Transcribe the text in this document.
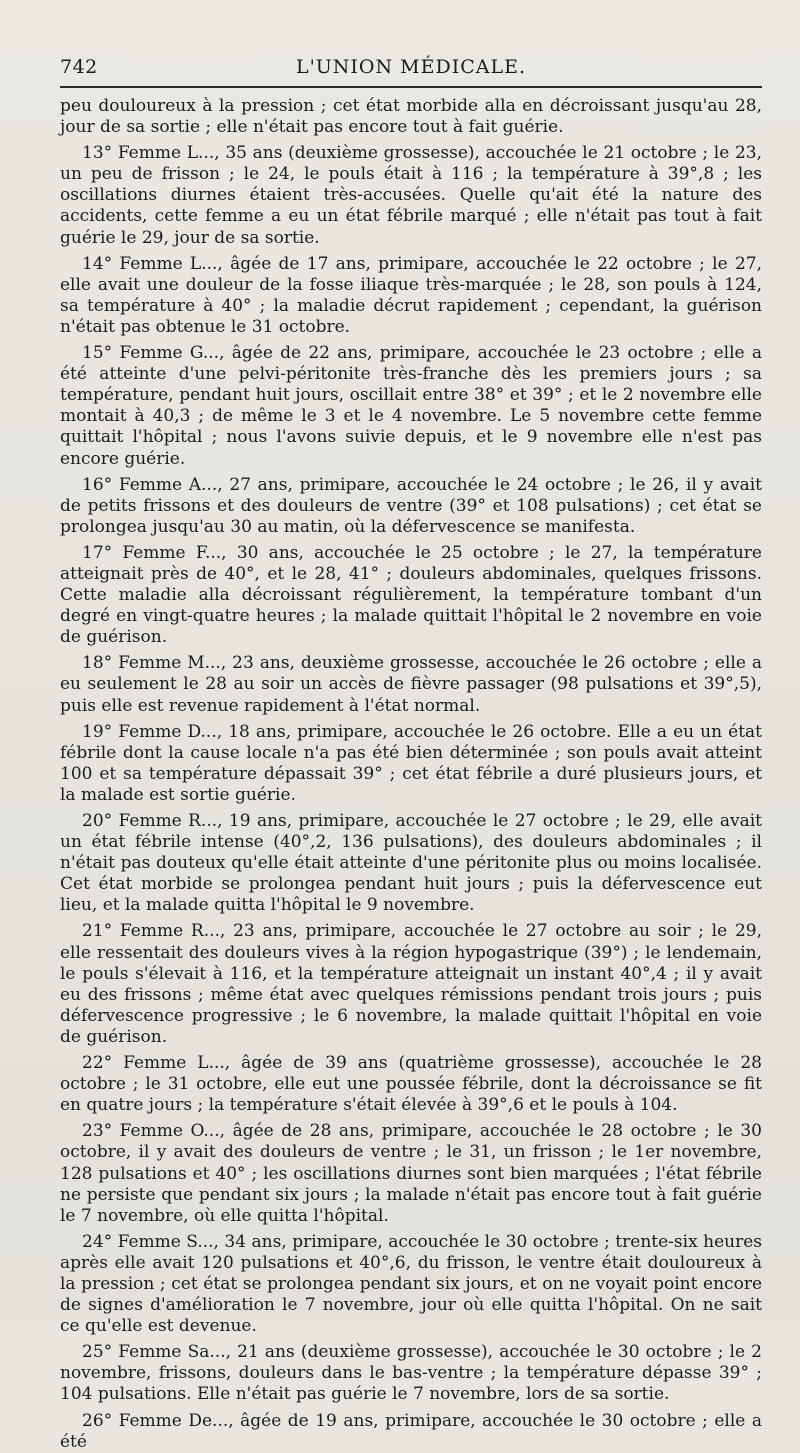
742	L'UNION MÉDICALE.

peu douloureux à la pression ; cet état morbide alla en décroissant jusqu'au 28, jour de sa sortie ; elle n'était pas encore tout à fait guérie.

13° Femme L..., 35 ans (deuxième grossesse), accouchée le 21 octobre ; le 23, un peu de frisson ; le 24, le pouls était à 116 ; la température à 39°,8 ; les oscillations diurnes étaient très-accusées. Quelle qu'ait été la nature des accidents, cette femme a eu un état fébrile marqué ; elle n'était pas tout à fait guérie le 29, jour de sa sortie.

14° Femme L..., âgée de 17 ans, primipare, accouchée le 22 octobre ; le 27, elle avait une douleur de la fosse iliaque très-marquée ; le 28, son pouls à 124, sa température à 40° ; la maladie décrut rapidement ; cependant, la guérison n'était pas obtenue le 31 octobre.

15° Femme G..., âgée de 22 ans, primipare, accouchée le 23 octobre ; elle a été atteinte d'une pelvi-péritonite très-franche dès les premiers jours ; sa température, pendant huit jours, oscillait entre 38° et 39° ; et le 2 novembre elle montait à 40,3 ; de même le 3 et le 4 novembre. Le 5 novembre cette femme quittait l'hôpital ; nous l'avons suivie depuis, et le 9 novembre elle n'est pas encore guérie.

16° Femme A..., 27 ans, primipare, accouchée le 24 octobre ; le 26, il y avait de petits frissons et des douleurs de ventre (39° et 108 pulsations) ; cet état se prolongea jusqu'au 30 au matin, où la défervescence se manifesta.

17° Femme F..., 30 ans, accouchée le 25 octobre ; le 27, la température atteignait près de 40°, et le 28, 41° ; douleurs abdominales, quelques frissons. Cette maladie alla décroissant régulièrement, la température tombant d'un degré en vingt-quatre heures ; la malade quittait l'hôpital le 2 novembre en voie de guérison.

18° Femme M..., 23 ans, deuxième grossesse, accouchée le 26 octobre ; elle a eu seulement le 28 au soir un accès de fièvre passager (98 pulsations et 39°,5), puis elle est revenue rapidement à l'état normal.

19° Femme D..., 18 ans, primipare, accouchée le 26 octobre. Elle a eu un état fébrile dont la cause locale n'a pas été bien déterminée ; son pouls avait atteint 100 et sa température dépassait 39° ; cet état fébrile a duré plusieurs jours, et la malade est sortie guérie.

20° Femme R..., 19 ans, primipare, accouchée le 27 octobre ; le 29, elle avait un état fébrile intense (40°,2, 136 pulsations), des douleurs abdominales ; il n'était pas douteux qu'elle était atteinte d'une péritonite plus ou moins localisée. Cet état morbide se prolongea pendant huit jours ; puis la défervescence eut lieu, et la malade quitta l'hôpital le 9 novembre.

21° Femme R..., 23 ans, primipare, accouchée le 27 octobre au soir ; le 29, elle ressentait des douleurs vives à la région hypogastrique (39°) ; le lendemain, le pouls s'élevait à 116, et la température atteignait un instant 40°,4 ; il y avait eu des frissons ; même état avec quelques rémissions pendant trois jours ; puis défervescence progressive ; le 6 novembre, la malade quittait l'hôpital en voie de guérison.

22° Femme L..., âgée de 39 ans (quatrième grossesse), accouchée le 28 octobre ; le 31 octobre, elle eut une poussée fébrile, dont la décroissance se fit en quatre jours ; la température s'était élevée à 39°,6 et le pouls à 104.

23° Femme O..., âgée de 28 ans, primipare, accouchée le 28 octobre ; le 30 octobre, il y avait des douleurs de ventre ; le 31, un frisson ; le 1er novembre, 128 pulsations et 40° ; les oscillations diurnes sont bien marquées ; l'état fébrile ne persiste que pendant six jours ; la malade n'était pas encore tout à fait guérie le 7 novembre, où elle quitta l'hôpital.

24° Femme S..., 34 ans, primipare, accouchée le 30 octobre ; trente-six heures après elle avait 120 pulsations et 40°,6, du frisson, le ventre était douloureux à la pression ; cet état se prolongea pendant six jours, et on ne voyait point encore de signes d'amélioration le 7 novembre, jour où elle quitta l'hôpital. On ne sait ce qu'elle est devenue.

25° Femme Sa..., 21 ans (deuxième grossesse), accouchée le 30 octobre ; le 2 novembre, frissons, douleurs dans le bas-ventre ; la température dépasse 39° ; 104 pulsations. Elle n'était pas guérie le 7 novembre, lors de sa sortie.

26° Femme De..., âgée de 19 ans, primipare, accouchée le 30 octobre ; elle a été
